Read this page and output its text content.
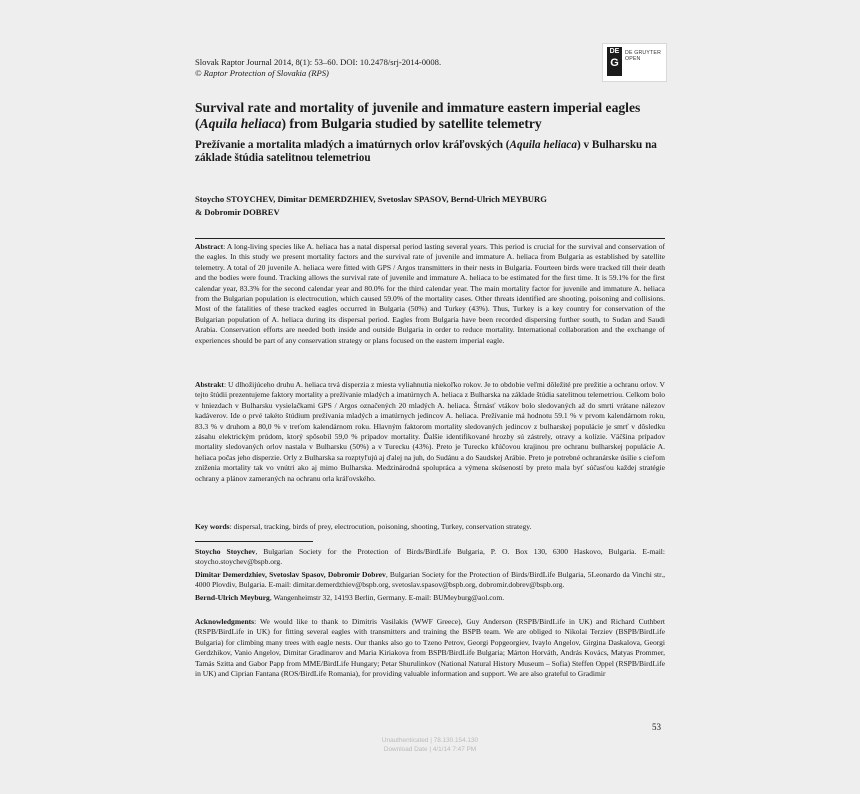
Slovak Raptor Journal 2014, 8(1): 53–60. DOI: 10.2478/srj-2014-0008.
© Raptor Protection of Slovakia (RPS)
DE
G
DE GRUYTER
OPEN
Survival rate and mortality of juvenile and immature eastern imperial eagles (Aquila heliaca) from Bulgaria studied by satellite telemetry
Prežívanie a mortalita mladých a imatúrnych orlov kráľovských (Aquila heliaca) v Bulharsku na základe štúdia satelitnou telemetriou
Stoycho STOYCHEV, Dimitar DEMERDZHIEV, Svetoslav SPASOV, Bernd-Ulrich MEYBURG
& Dobromir DOBREV
Abstract: A long-living species like A. heliaca has a natal dispersal period lasting several years. This period is crucial for the survival and conservation of the eagles. In this study we present mortality factors and the survival rate of juvenile and immature A. heliaca from Bulgaria as established by satellite telemetry. A total of 20 juvenile A. heliaca were fitted with GPS / Argos transmitters in their nests in Bulgaria. Fourteen birds were tracked till their death and the bodies were found. Tracking allows the survival rate of juvenile and immature A. heliaca to be estimated for the first time. It is 59.1% for the first calendar year, 83.3% for the second calendar year and 80.0% for the third calendar year. The main mortality factor for juvenile and immature A. heliaca from the Bulgarian population is electrocution, which caused 59.0% of the mortality cases. Other threats identified are shooting, poisoning and collisions. Most of the fatalities of these tracked eagles occurred in Bulgaria (50%) and Turkey (43%). Thus, Turkey is a key country for conservation of the Bulgarian population of A. heliaca during its dispersal period. Eagles from Bulgaria have been recorded dispersing further south, to Sudan and Saudi Arabia. Conservation efforts are needed both inside and outside Bulgaria in order to reduce mortality. International collaboration and the exchange of experiences should be part of any conservation strategy or plans focused on the eastern imperial eagle.
Abstrakt: U dlhožijúceho druhu A. heliaca trvá disperzia z miesta vyliahnutia niekoľko rokov. Je to obdobie veľmi dôležité pre prežitie a ochranu orlov. V tejto štúdii prezentujeme faktory mortality a prežívanie mladých a imatúrnych A. heliaca z Bulharska na základe štúdia satelitnou telemetriou. Celkom bolo v hniezdach v Bulharsku vysielačkami GPS / Argos označených 20 mladých A. heliaca. Štrnásť vtákov bolo sledovaných až do smrti vrátane nálezov kadáverov. Ide o prvé takéto štúdium prežívania mladých a imatúrnych jedincov A. heliaca. Prežívanie má hodnotu 59.1 % v prvom kalendárnom roku, 83.3 % v druhom a 80,0 % v treťom kalendárnom roku. Hlavným faktorom mortality sledovaných jedincov z bulharskej populácie je smrť v dôsledku zásahu elektrickým prúdom, ktorý spôsobil 59,0 % prípadov mortality. Ďalšie identifikované hrozby sú zástrely, otravy a kolízie. Väčšina prípadov mortality sledovaných orlov nastala v Bulharsku (50%) a v Turecku (43%). Preto je Turecko kľúčovou krajinou pre ochranu bulharskej populácie A. heliaca počas jeho disperzie. Orly z Bulharska sa rozptyľujú aj ďalej na juh, do Sudánu a do Saudskej Arábie. Preto je potrebné ochranárske úsilie s cieľom zníženia mortality tak vo vnútri ako aj mimo Bulharska. Medzinárodná spolupráca a výmena skúseností by preto mala byť súčasťou každej stratégie ochrany a plánov zameraných na ochranu orla kráľovského.
Key words: dispersal, tracking, birds of prey, electrocution, poisoning, shooting, Turkey, conservation strategy.

Stoycho Stoychev, Bulgarian Society for the Protection of Birds/BirdLife Bulgaria, P. O. Box 130, 6300 Haskovo, Bulgaria. E-mail: stoycho.stoychev@bspb.org.

Dimitar Demerdzhiev, Svetoslav Spasov, Dobromir Dobrev, Bulgarian Society for the Protection of Birds/BirdLife Bulgaria, 5Leonardo da Vinchi str., 4000 Plovdiv, Bulgaria. E-mail: dimitar.demerdzhiev@bspb.org, svetoslav.spasov@bspb.org, dobromir.dobrev@bspb.org.

Bernd-Ulrich Meyburg, Wangenheimstr 32, 14193 Berlin, Germany. E-mail: BUMeyburg@aol.com.

Acknowledgments: We would like to thank to Dimitris Vasilakis (WWF Greece), Guy Anderson (RSPB/BirdLife in UK) and Richard Cuthbert (RSPB/BirdLife in UK) for fitting several eagles with transmitters and training the BSPB team. We are obliged to Nikolai Terziev (BSPB/BirdLife Bulgaria) for climbing many trees with eagle nests. Our thanks also go to Tzeno Petrov, Georgi Popgeorgiev, Ivaylo Angelov, Girgina Daskalova, Georgi Gerdzhikov, Vanio Angelov, Dimitar Gradinarov and Maria Kiriakova from BSPB/BirdLife Bulgaria; Márton Horváth, András Kovács, Matyas Prommer, Tamás Szitta and Gabor Papp from MME/BirdLife Hungary; Petar Shurulinkov (National Natural History Museum – Sofia) Steffen Oppel (RSPB/BirdLife in UK) and Ciprian Fantana (ROS/BirdLife Romania), for providing valuable information and support. We are also grateful to Gradimir
53
Unauthenticated | 78.130.154.130
Download Date | 4/1/14 7:47 PM
